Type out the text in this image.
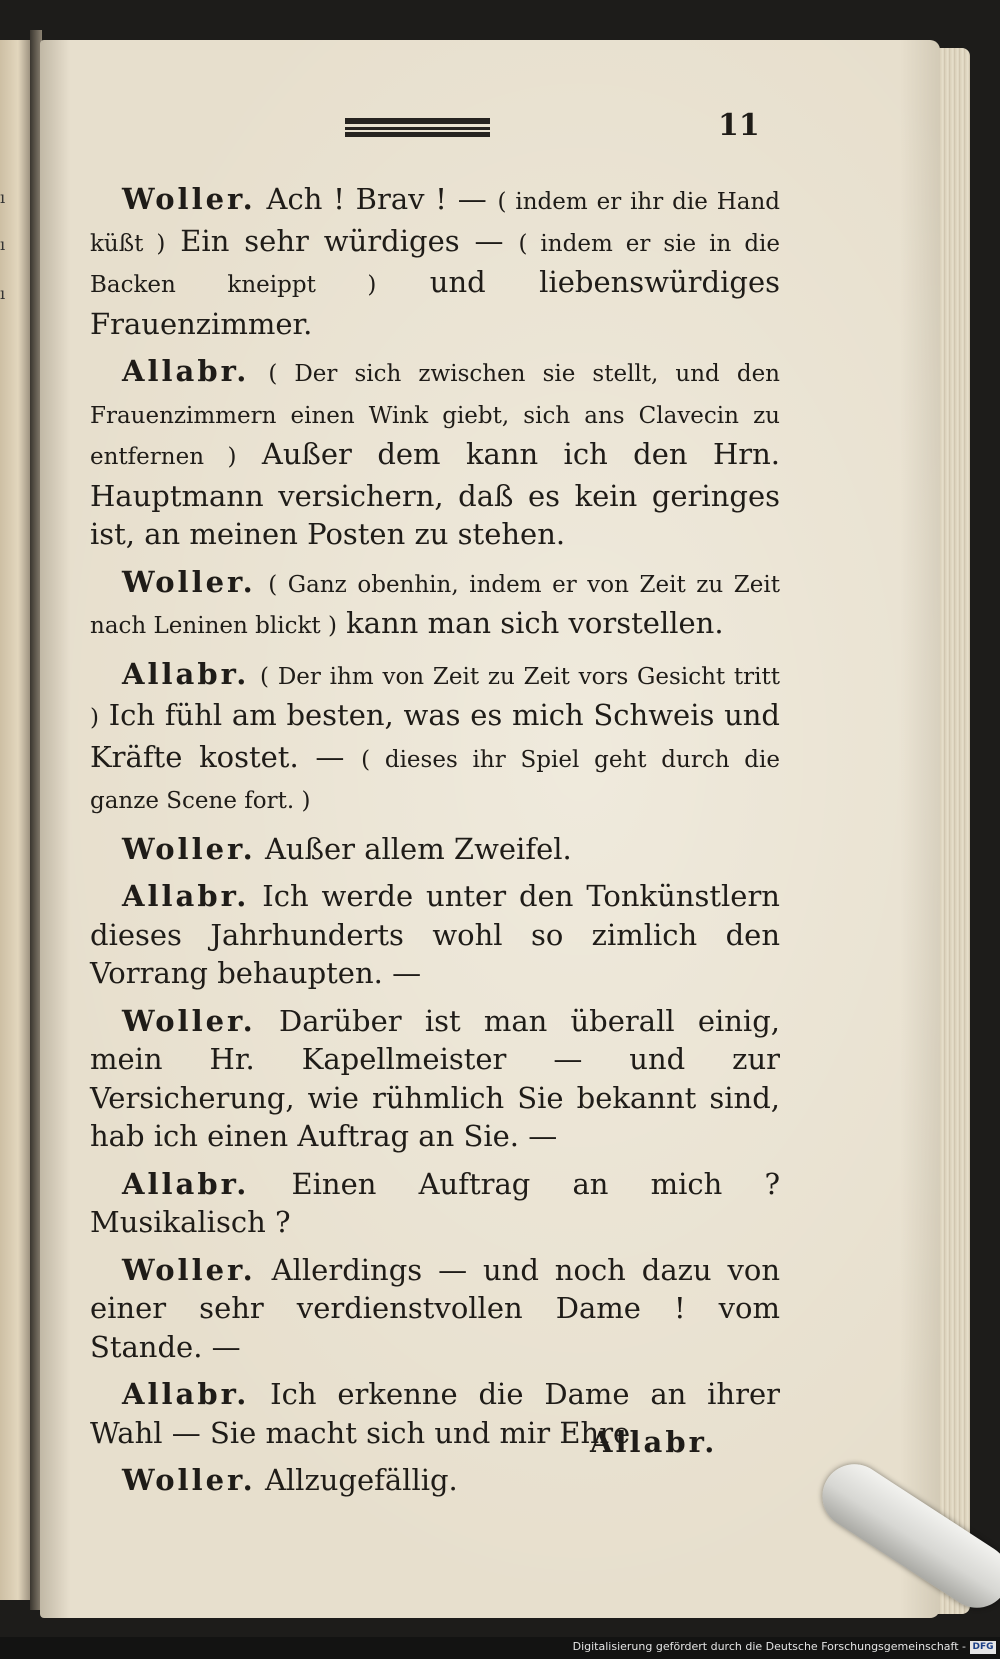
ı
ı
ı
11

Woller. Ach ! Brav ! — ( indem er ihr die Hand küßt ) Ein sehr würdiges — ( indem er sie in die Backen kneippt ) und liebenswürdiges Frauenzimmer.

Allabr. ( Der sich zwischen sie stellt, und den Frauenzimmern einen Wink giebt, sich ans Clavecin zu entfernen ) Außer dem kann ich den Hrn. Hauptmann versichern, daß es kein geringes ist, an meinen Posten zu stehen.

Woller. ( Ganz obenhin, indem er von Zeit zu Zeit nach Leninen blickt ) kann man sich vorstellen.

Allabr. ( Der ihm von Zeit zu Zeit vors Gesicht tritt ) Ich fühl am besten, was es mich Schweis und Kräfte kostet. — ( dieses ihr Spiel geht durch die ganze Scene fort. )

Woller. Außer allem Zweifel.

Allabr. Ich werde unter den Tonkünstlern dieses Jahrhunderts wohl so zimlich den Vorrang behaupten. —

Woller. Darüber ist man überall einig, mein Hr. Kapellmeister — und zur Versicherung, wie rühmlich Sie bekannt sind, hab ich einen Auftrag an Sie. —

Allabr. Einen Auftrag an mich ? Musikalisch ?

Woller. Allerdings — und noch dazu von einer sehr verdienstvollen Dame ! vom Stande. —

Allabr. Ich erkenne die Dame an ihrer Wahl — Sie macht sich und mir Ehre.

Woller. Allzugefällig.

Allabr.
Digitalisierung gefördert durch die Deutsche Forschungsgemeinschaft - DFG
